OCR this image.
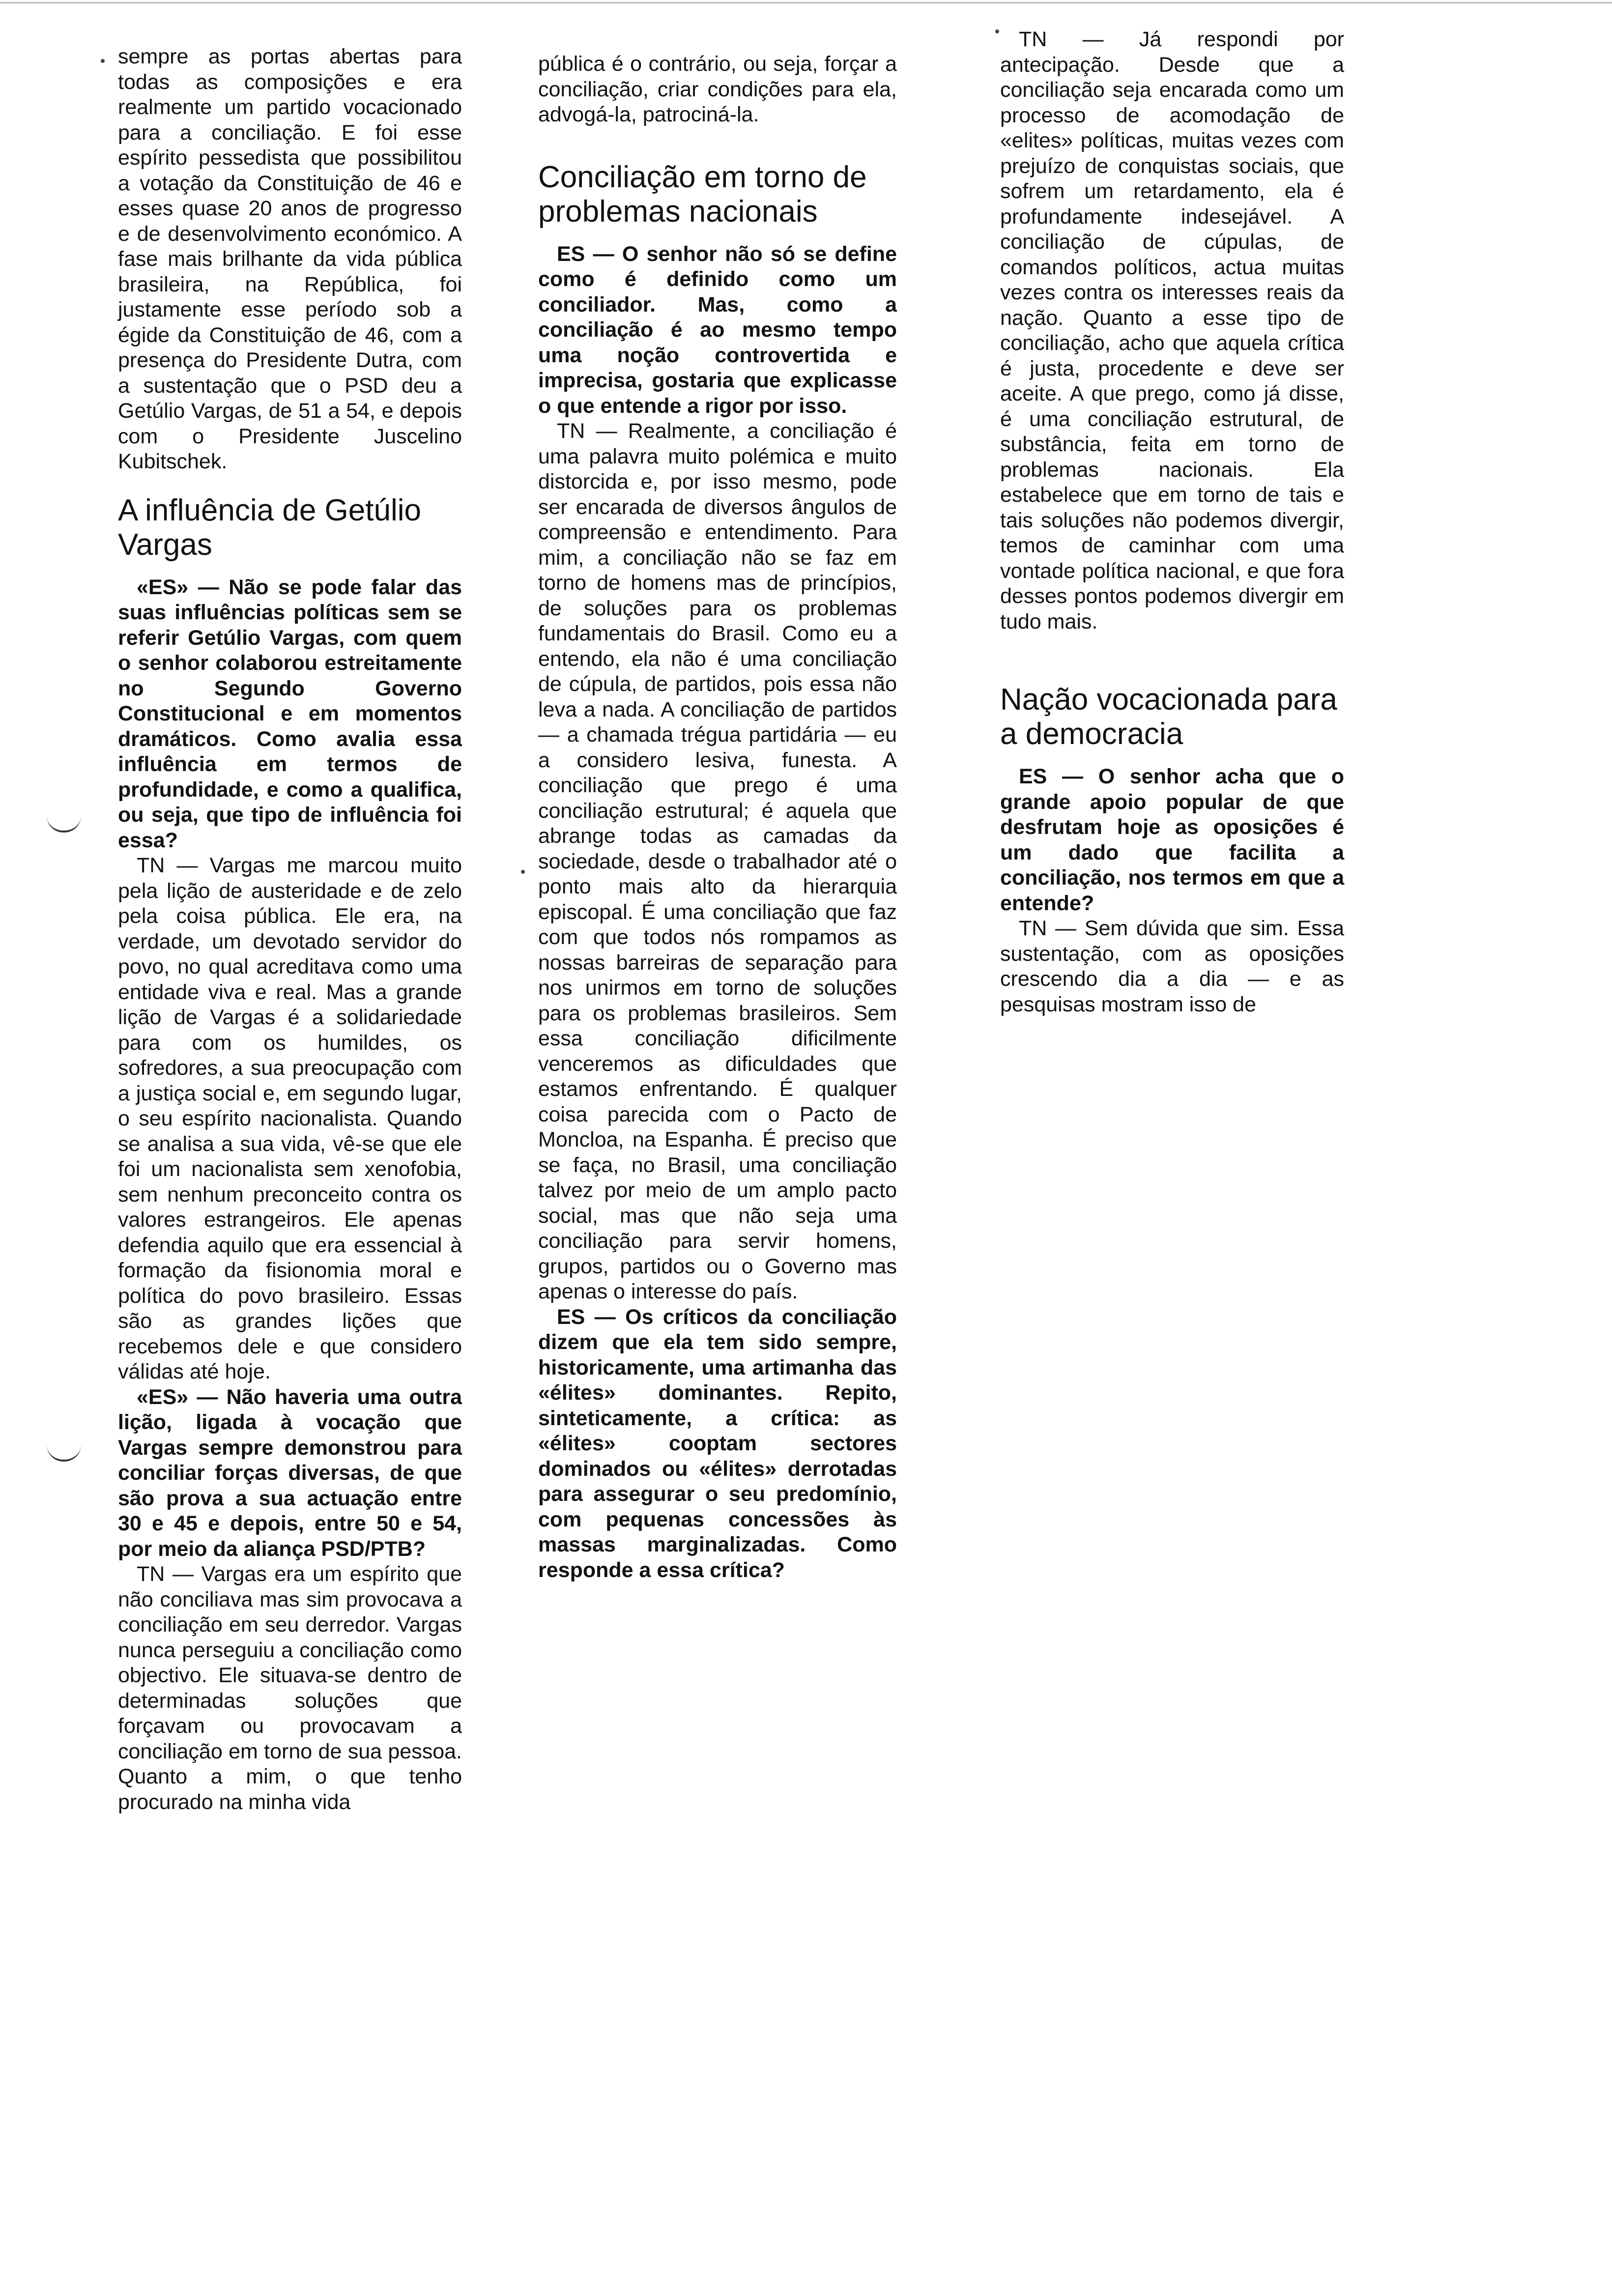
sempre as portas abertas para todas as composições e era realmente um partido vocacionado para a conciliação. E foi esse espírito pessedista que possibilitou a votação da Constituição de 46 e esses quase 20 anos de progresso e de desenvolvimento económico. A fase mais brilhante da vida pública brasileira, na República, foi justamente esse período sob a égide da Constituição de 46, com a presença do Presidente Dutra, com a sustentação que o PSD deu a Getúlio Vargas, de 51 a 54, e depois com o Presidente Juscelino Kubitschek.

A influência de Getúlio Vargas

«ES» — Não se pode falar das suas influências políticas sem se referir Getúlio Vargas, com quem o senhor colaborou estreitamente no Segundo Governo Constitucional e em momentos dramáticos. Como avalia essa influência em termos de profundidade, e como a qualifica, ou seja, que tipo de influência foi essa?

TN — Vargas me marcou muito pela lição de austeridade e de zelo pela coisa pública. Ele era, na verdade, um devotado servidor do povo, no qual acreditava como uma entidade viva e real. Mas a grande lição de Vargas é a solidariedade para com os humildes, os sofredores, a sua preocupação com a justiça social e, em segundo lugar, o seu espírito nacionalista. Quando se analisa a sua vida, vê-se que ele foi um nacionalista sem xenofobia, sem nenhum preconceito contra os valores estrangeiros. Ele apenas defendia aquilo que era essencial à formação da fisionomia moral e política do povo brasileiro. Essas são as grandes lições que recebemos dele e que considero válidas até hoje.

«ES» — Não haveria uma outra lição, ligada à vocação que Vargas sempre demonstrou para conciliar forças diversas, de que são prova a sua actuação entre 30 e 45 e depois, entre 50 e 54, por meio da aliança PSD/PTB?

TN — Vargas era um espírito que não conciliava mas sim provocava a conciliação em seu derredor. Vargas nunca perseguiu a conciliação como objectivo. Ele situava-se dentro de determinadas soluções que forçavam ou provocavam a conciliação em torno de sua pessoa. Quanto a mim, o que tenho procurado na minha vida

pública é o contrário, ou seja, forçar a conciliação, criar condições para ela, advogá-la, patrociná-la.

Conciliação em torno de problemas nacionais

ES — O senhor não só se define como é definido como um conciliador. Mas, como a conciliação é ao mesmo tempo uma noção controvertida e imprecisa, gostaria que explicasse o que entende a rigor por isso.

TN — Realmente, a conciliação é uma palavra muito polémica e muito distorcida e, por isso mesmo, pode ser encarada de diversos ângulos de compreensão e entendimento. Para mim, a conciliação não se faz em torno de homens mas de princípios, de soluções para os problemas fundamentais do Brasil. Como eu a entendo, ela não é uma conciliação de cúpula, de partidos, pois essa não leva a nada. A conciliação de partidos — a chamada trégua partidária — eu a considero lesiva, funesta. A conciliação que prego é uma conciliação estrutural; é aquela que abrange todas as camadas da sociedade, desde o trabalhador até o ponto mais alto da hierarquia episcopal. É uma conciliação que faz com que todos nós rompamos as nossas barreiras de separação para nos unirmos em torno de soluções para os problemas brasileiros. Sem essa conciliação dificilmente venceremos as dificuldades que estamos enfrentando. É qualquer coisa parecida com o Pacto de Moncloa, na Espanha. É preciso que se faça, no Brasil, uma conciliação talvez por meio de um amplo pacto social, mas que não seja uma conciliação para servir homens, grupos, partidos ou o Governo mas apenas o interesse do país.

ES — Os críticos da conciliação dizem que ela tem sido sempre, historicamente, uma artimanha das «élites» dominantes. Repito, sinteticamente, a crítica: as «élites» cooptam sectores dominados ou «élites» derrotadas para assegurar o seu predomínio, com pequenas concessões às massas marginalizadas. Como responde a essa crítica?

TN — Já respondi por antecipação. Desde que a conciliação seja encarada como um processo de acomodação de «elites» políticas, muitas vezes com prejuízo de conquistas sociais, que sofrem um retardamento, ela é profundamente indesejável. A conciliação de cúpulas, de comandos políticos, actua muitas vezes contra os interesses reais da nação. Quanto a esse tipo de conciliação, acho que aquela crítica é justa, procedente e deve ser aceite. A que prego, como já disse, é uma conciliação estrutural, de substância, feita em torno de problemas nacionais. Ela estabelece que em torno de tais e tais soluções não podemos divergir, temos de caminhar com uma vontade política nacional, e que fora desses pontos podemos divergir em tudo mais.

Nação vocacionada para a democracia

ES — O senhor acha que o grande apoio popular de que desfrutam hoje as oposições é um dado que facilita a conciliação, nos termos em que a entende?

TN — Sem dúvida que sim. Essa sustentação, com as oposições crescendo dia a dia — e as pesquisas mostram isso de
